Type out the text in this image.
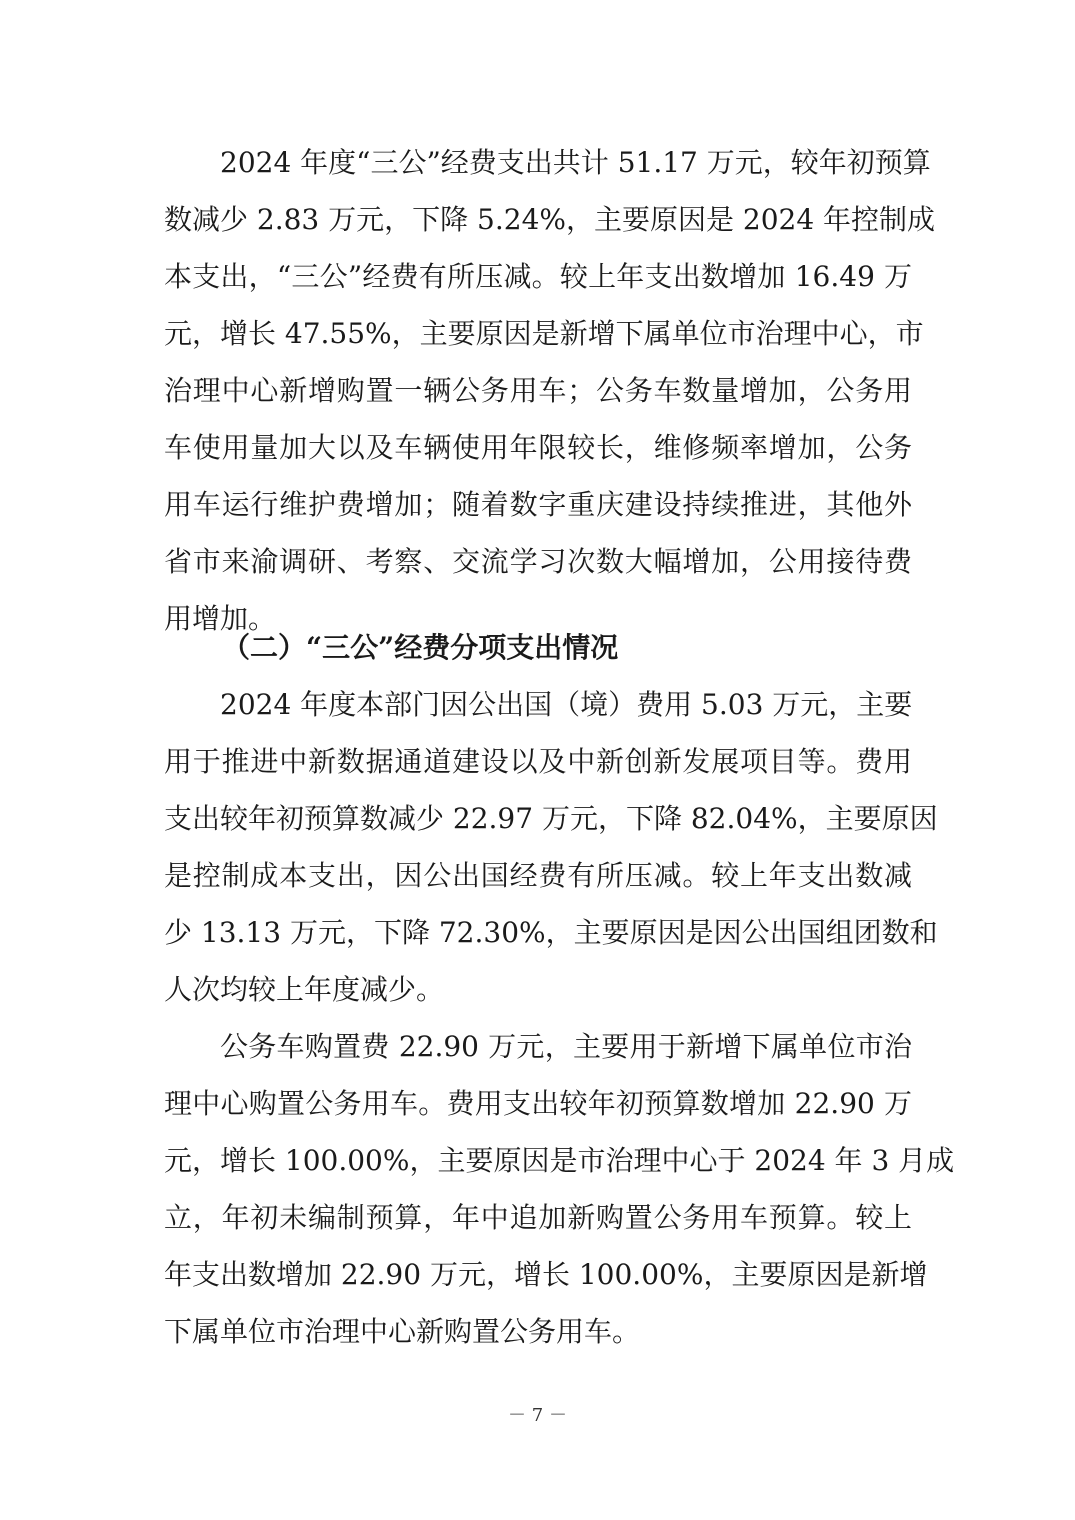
2024 年度“三公”经费支出共计 51.17 万元，较年初预算
数减少 2.83 万元，下降 5.24%，主要原因是 2024 年控制成
本支出，“三公”经费有所压减。较上年支出数增加 16.49 万
元，增长 47.55%，主要原因是新增下属单位市治理中心，市
治理中心新增购置一辆公务用车；公务车数量增加，公务用
车使用量加大以及车辆使用年限较长，维修频率增加，公务
用车运行维护费增加；随着数字重庆建设持续推进，其他外
省市来渝调研、考察、交流学习次数大幅增加，公用接待费
用增加。
（二）“三公”经费分项支出情况
2024 年度本部门因公出国（境）费用 5.03 万元，主要
用于推进中新数据通道建设以及中新创新发展项目等。费用
支出较年初预算数减少 22.97 万元，下降 82.04%，主要原因
是控制成本支出，因公出国经费有所压减。较上年支出数减
少 13.13 万元，下降 72.30%，主要原因是因公出国组团数和
人次均较上年度减少。
公务车购置费 22.90 万元，主要用于新增下属单位市治
理中心购置公务用车。费用支出较年初预算数增加 22.90 万
元，增长 100.00%，主要原因是市治理中心于 2024 年 3 月成
立，年初未编制预算，年中追加新购置公务用车预算。较上
年支出数增加 22.90 万元，增长 100.00%，主要原因是新增
下属单位市治理中心新购置公务用车。
－ 7 －
